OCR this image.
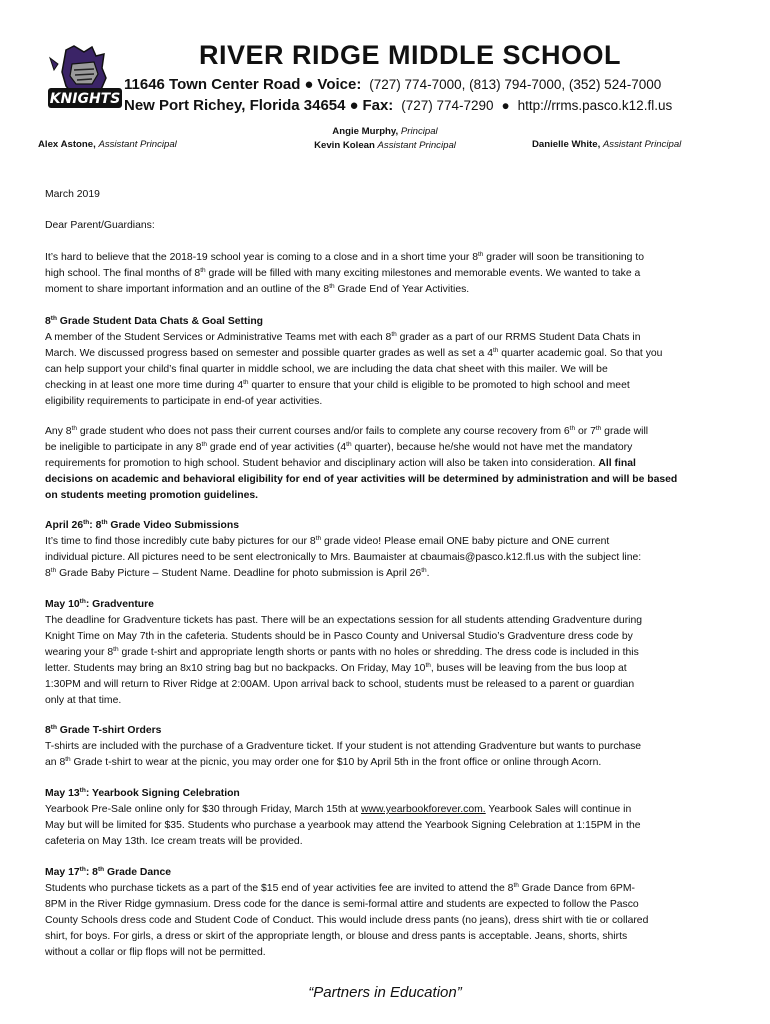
KNIGHTS
RIVER RIDGE MIDDLE SCHOOL
11646 Town Center Road ● Voice: (727) 774-7000, (813) 794-7000, (352) 524-7000
New Port Richey, Florida 34654 ● Fax: (727) 774-7290 ● http://rrms.pasco.k12.fl.us
Alex Astone, Assistant Principal
Angie Murphy, Principal
Kevin Kolean Assistant Principal	Danielle White, Assistant Principal
March 2019
Dear Parent/Guardians:

It’s hard to believe that the 2018-19 school year is coming to a close and in a short time your 8th grader will soon be transitioning to

high school. The final months of 8th grade will be filled with many exciting milestones and memorable events. We wanted to take a

moment to share important information and an outline of the 8th Grade End of Year Activities.

8th Grade Student Data Chats & Goal Setting

A member of the Student Services or Administrative Teams met with each 8th grader as a part of our RRMS Student Data Chats in

March. We discussed progress based on semester and possible quarter grades as well as set a 4th quarter academic goal. So that you

can help support your child’s final quarter in middle school, we are including the data chat sheet with this mailer. We will be

checking in at least one more time during 4th quarter to ensure that your child is eligible to be promoted to high school and meet

eligibility requirements to participate in end-of year activities.

Any 8th grade student who does not pass their current courses and/or fails to complete any course recovery from 6th or 7th grade will

be ineligible to participate in any 8th grade end of year activities (4th quarter), because he/she would not have met the mandatory

requirements for promotion to high school. Student behavior and disciplinary action will also be taken into consideration. All final

decisions on academic and behavioral eligibility for end of year activities will be determined by administration and will be based

on students meeting promotion guidelines.

April 26th: 8th Grade Video Submissions

It’s time to find those incredibly cute baby pictures for our 8th grade video! Please email ONE baby picture and ONE current

individual picture. All pictures need to be sent electronically to Mrs. Baumaister at cbaumais@pasco.k12.fl.us with the subject line:

8th Grade Baby Picture – Student Name. Deadline for photo submission is April 26th.

May 10th: Gradventure

The deadline for Gradventure tickets has past. There will be an expectations session for all students attending Gradventure during

Knight Time on May 7th in the cafeteria. Students should be in Pasco County and Universal Studio’s Gradventure dress code by

wearing your 8th grade t-shirt and appropriate length shorts or pants with no holes or shredding. The dress code is included in this

letter. Students may bring an 8x10 string bag but no backpacks. On Friday, May 10th, buses will be leaving from the bus loop at

1:30PM and will return to River Ridge at 2:00AM. Upon arrival back to school, students must be released to a parent or guardian

only at that time.

8th Grade T-shirt Orders

T-shirts are included with the purchase of a Gradventure ticket. If your student is not attending Gradventure but wants to purchase

an 8th Grade t-shirt to wear at the picnic, you may order one for $10 by April 5th in the front office or online through Acorn.

May 13th: Yearbook Signing Celebration

Yearbook Pre-Sale online only for $30 through Friday, March 15th at www.yearbookforever.com. Yearbook Sales will continue in

May but will be limited for $35. Students who purchase a yearbook may attend the Yearbook Signing Celebration at 1:15PM in the

cafeteria on May 13th. Ice cream treats will be provided.

May 17th: 8th Grade Dance

Students who purchase tickets as a part of the $15 end of year activities fee are invited to attend the 8th Grade Dance from 6PM-

8PM in the River Ridge gymnasium. Dress code for the dance is semi-formal attire and students are expected to follow the Pasco

County Schools dress code and Student Code of Conduct. This would include dress pants (no jeans), dress shirt with tie or collared

shirt, for boys. For girls, a dress or skirt of the appropriate length, or blouse and dress pants is acceptable. Jeans, shorts, shirts

without a collar or flip flops will not be permitted.

“Partners in Education”
